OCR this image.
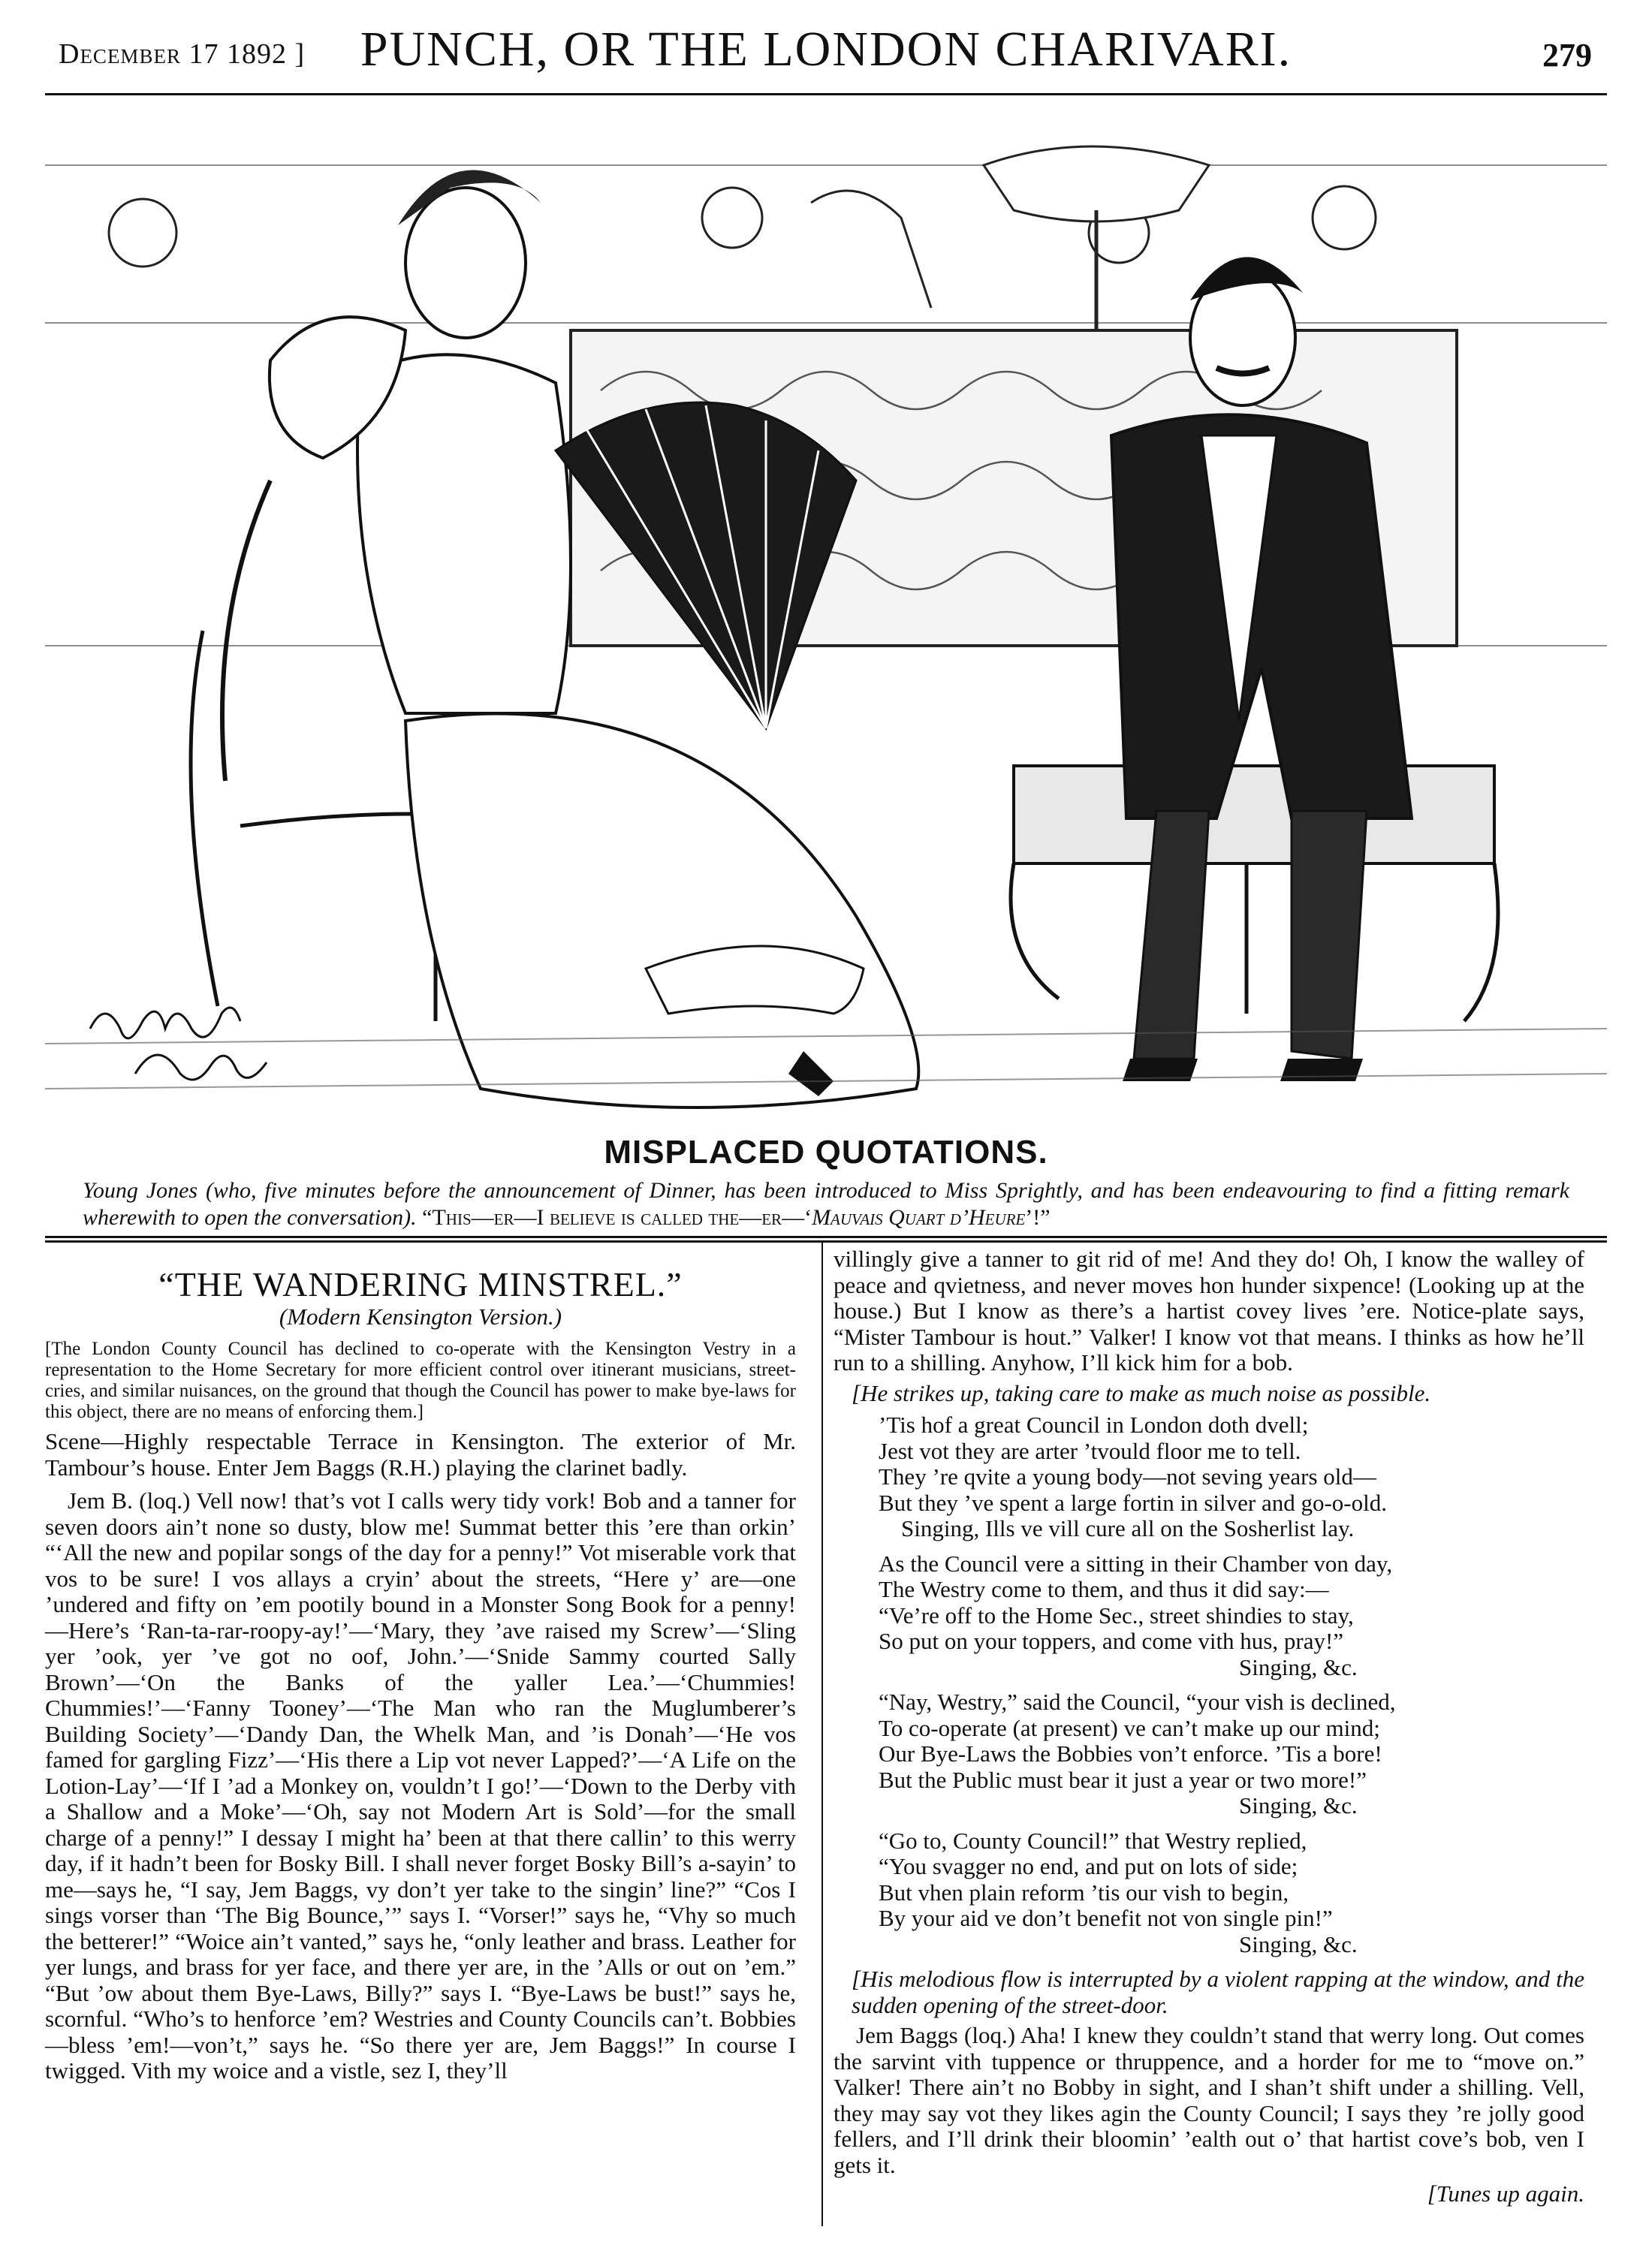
December 17 1892 ]	PUNCH, OR THE LONDON CHARIVARI.	279
MISPLACED QUOTATIONS.
Young Jones (who, five minutes before the announcement of Dinner, has been introduced to Miss Sprightly, and has been endeavouring to find a fitting remark wherewith to open the conversation). “This—er—I believe is called the—er—‘Mauvais Quart d’Heure’!”
“THE WANDERING MINSTREL.”
(Modern Kensington Version.)
[The London County Council has declined to co-operate with the Kensington Vestry in a representation to the Home Secretary for more efficient control over itinerant musicians, street-cries, and similar nuisances, on the ground that though the Council has power to make bye-laws for this object, there are no means of enforcing them.]

Scene—Highly respectable Terrace in Kensington. The exterior of Mr. Tambour’s house. Enter Jem Baggs (R.H.) playing the clarinet badly.

Jem B. (loq.) Vell now! that’s vot I calls wery tidy vork! Bob and a tanner for seven doors ain’t none so dusty, blow me! Summat better this ’ere than orkin’ “‘All the new and popilar songs of the day for a penny!” Vot miserable vork that vos to be sure! I vos allays a cryin’ about the streets, “Here y’ are—one ’undered and fifty on ’em pootily bound in a Monster Song Book for a penny!—Here’s ‘Ran-ta-rar-roopy-ay!’—‘Mary, they ’ave raised my Screw’—‘Sling yer ’ook, yer ’ve got no oof, John.’—‘Snide Sammy courted Sally Brown’—‘On the Banks of the yaller Lea.’—‘Chummies! Chummies!’—‘Fanny Tooney’—‘The Man who ran the Muglumberer’s Building Society’—‘Dandy Dan, the Whelk Man, and ’is Donah’—‘He vos famed for gargling Fizz’—‘His there a Lip vot never Lapped?’—‘A Life on the Lotion-Lay’—‘If I ’ad a Monkey on, vouldn’t I go!’—‘Down to the Derby vith a Shallow and a Moke’—‘Oh, say not Modern Art is Sold’—for the small charge of a penny!” I dessay I might ha’ been at that there callin’ to this werry day, if it hadn’t been for Bosky Bill. I shall never forget Bosky Bill’s a-sayin’ to me—says he, “I say, Jem Baggs, vy don’t yer take to the singin’ line?” “Cos I sings vorser than ‘The Big Bounce,’” says I. “Vorser!” says he, “Vhy so much the betterer!” “Woice ain’t vanted,” says he, “only leather and brass. Leather for yer lungs, and brass for yer face, and there yer are, in the ’Alls or out on ’em.” “But ’ow about them Bye-Laws, Billy?” says I. “Bye-Laws be bust!” says he, scornful. “Who’s to henforce ’em? Westries and County Councils can’t. Bobbies—bless ’em!—von’t,” says he. “So there yer are, Jem Baggs!” In course I twigged. Vith my woice and a vistle, sez I, they’ll

villingly give a tanner to git rid of me! And they do! Oh, I know the walley of peace and qvietness, and never moves hon hunder sixpence! (Looking up at the house.) But I know as there’s a hartist covey lives ’ere. Notice-plate says, “Mister Tambour is hout.” Valker! I know vot that means. I thinks as how he’ll run to a shilling. Anyhow, I’ll kick him for a bob.

[He strikes up, taking care to make as much noise as possible.

’Tis hof a great Council in London doth dvell;
Jest vot they are arter ’tvould floor me to tell.
They ’re qvite a young body—not seving years old—
But they ’ve spent a large fortin in silver and go-o-old.
Singing, Ills ve vill cure all on the Sosherlist lay.
As the Council vere a sitting in their Chamber von day,
The Westry come to them, and thus it did say:—
“Ve’re off to the Home Sec., street shindies to stay,
So put on your toppers, and come vith hus, pray!”
Singing, &c.
“Nay, Westry,” said the Council, “your vish is declined,
To co-operate (at present) ve can’t make up our mind;
Our Bye-Laws the Bobbies von’t enforce. ’Tis a bore!
But the Public must bear it just a year or two more!”
Singing, &c.
“Go to, County Council!” that Westry replied,
“You svagger no end, and put on lots of side;
But vhen plain reform ’tis our vish to begin,
By your aid ve don’t benefit not von single pin!”
Singing, &c.

[His melodious flow is interrupted by a violent rapping at the window, and the sudden opening of the street-door.

Jem Baggs (loq.) Aha! I knew they couldn’t stand that werry long. Out comes the sarvint vith tuppence or thruppence, and a horder for me to “move on.” Valker! There ain’t no Bobby in sight, and I shan’t shift under a shilling. Vell, they may say vot they likes agin the County Council; I says they ’re jolly good fellers, and I’ll drink their bloomin’ ’ealth out o’ that hartist cove’s bob, ven I gets it.

[Tunes up again.
